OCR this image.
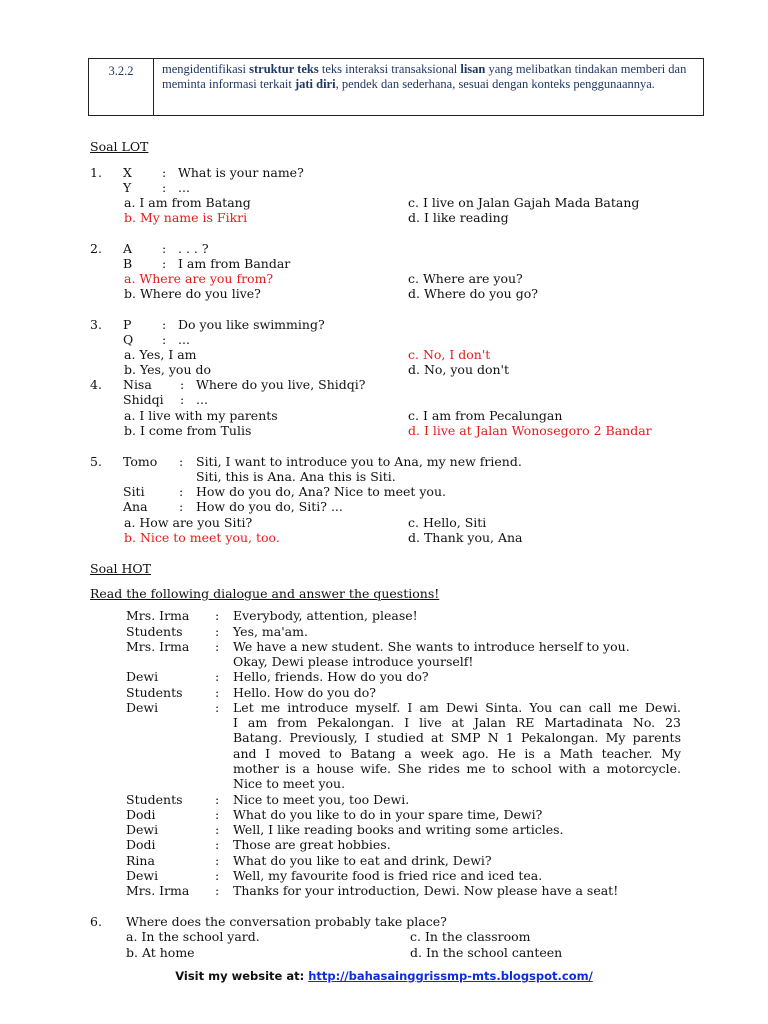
3.2.2	mengidentifikasi struktur teks teks interaksi transaksional lisan yang melibatkan tindakan memberi dan meminta informasi terkait jati diri, pendek dan sederhana, sesuai dengan konteks penggunaannya.
Soal LOT
1. X : What is your name?
Y : ...
a. I am from Batang
b. My name is Fikri
c. I live on Jalan Gajah Mada Batang
d. I like reading
2. A : . . . ?
B : I am from Bandar
a. Where are you from?
b. Where do you live?
c. Where are you?
d. Where do you go?
3. P : Do you like swimming?
Q : ...
a. Yes, I am
b. Yes, you do
c. No, I don't
d. No, you don't
4. Nisa : Where do you live, Shidqi?
Shidqi : ...
a. I live with my parents
b. I come from Tulis
c. I am from Pecalungan
d. I live at Jalan Wonosegoro 2 Bandar
5. Tomo : Siti, I want to introduce you to Ana, my new friend.
Siti, this is Ana. Ana this is Siti.
Siti	: How do you do, Ana? Nice to meet you.
Ana	: How do you do, Siti? ...
a. How are you Siti?
b. Nice to meet you, too.
c. Hello, Siti
d. Thank you, Ana
Soal HOT
Read the following dialogue and answer the questions!
Mrs. Irma : Everybody, attention, please!
Students	: Yes, ma'am.
Mrs. Irma : We have a new student. She wants to introduce herself to you.
Okay, Dewi please introduce yourself!
Dewi	: Hello, friends. How do you do?
Students	: Hello. How do you do?
Dewi	: Let me introduce myself. I am Dewi Sinta. You can call me Dewi.
I am from Pekalongan. I live at Jalan RE Martadinata No. 23
Batang. Previously, I studied at SMP N 1 Pekalongan. My parents
and I moved to Batang a week ago. He is a Math teacher. My
mother is a house wife. She rides me to school with a motorcycle.
Nice to meet you.
Students	: Nice to meet you, too Dewi.
Dodi	: What do you like to do in your spare time, Dewi?
Dewi	: Well, I like reading books and writing some articles.
Dodi	: Those are great hobbies.
Rina	: What do you like to eat and drink, Dewi?
Dewi	: Well, my favourite food is fried rice and iced tea.
Mrs. Irma : Thanks for your introduction, Dewi. Now please have a seat!
6. Where does the conversation probably take place?
a. In the school yard.
b. At home
c. In the classroom
d. In the school canteen
Visit my website at: http://bahasainggrissmp-mts.blogspot.com/
